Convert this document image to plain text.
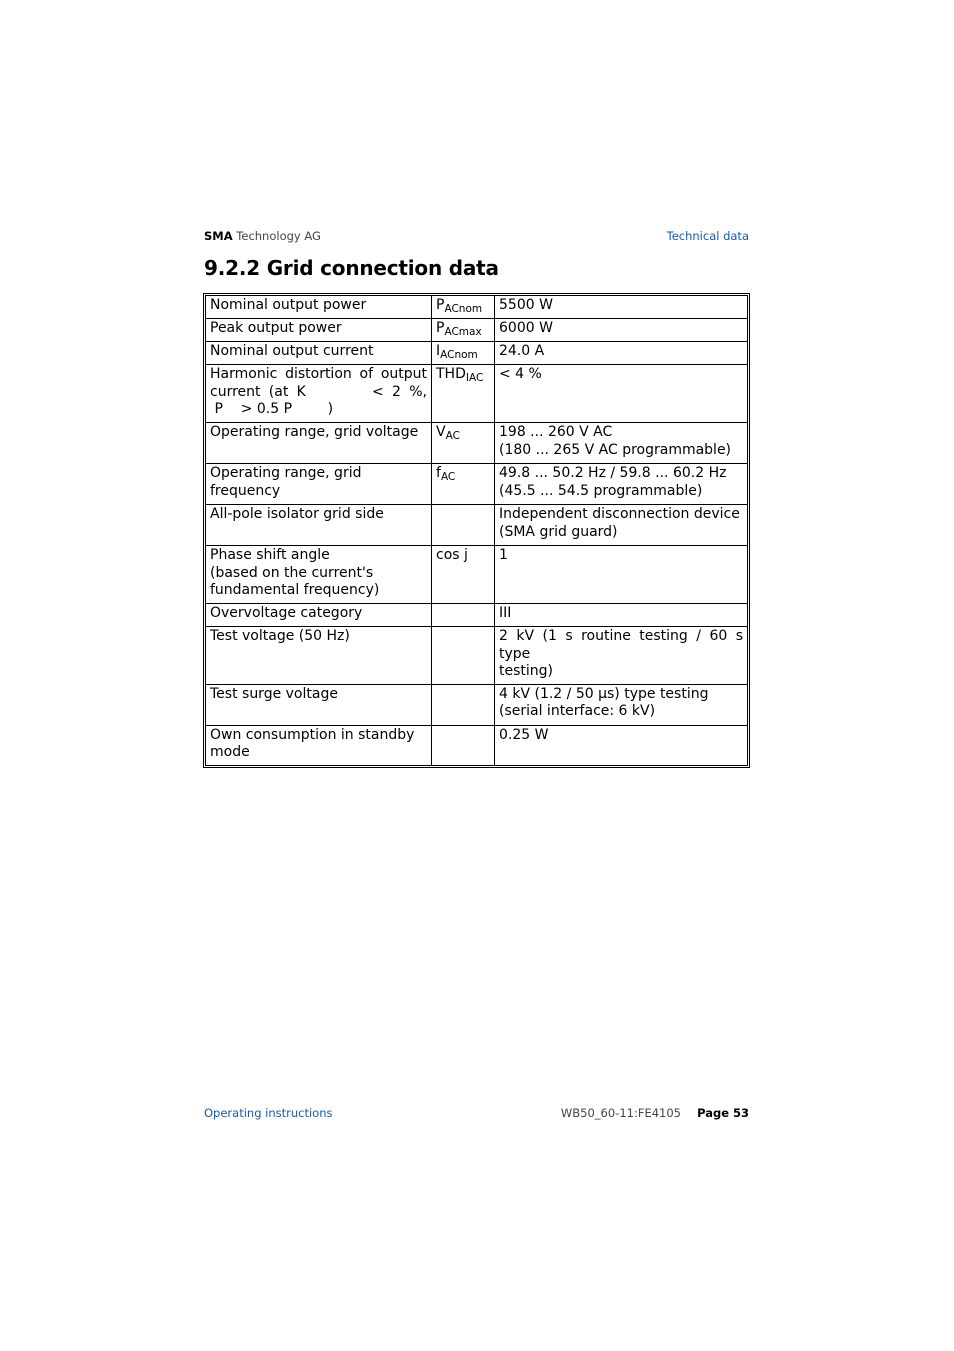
SMA Technology AG	Technical data
9.2.2 Grid connection data
Nominal output power	$P_{ACnom}$	5500 W
Peak output power	$P_{ACmax}$	6000 W
Nominal output current	$I_{ACnom}$	24.0 A

Harmonic distortion of output current (at K < 2 %,
P > 0.5 P )	$THD_{IAC}$	< 4 %
Operating range, grid voltage	$V_{AC}$	198 ... 260 V AC
(180 ... 265 V AC programmable)

Operating range, grid frequency	$f_{AC}$	49.8 ... 50.2 Hz / 59.8 ... 60.2 Hz
(45.5 ... 54.5 programmable)

All-pole isolator grid side		Independent disconnection device
(SMA grid guard)

Phase shift angle
(based on the current's
fundamental frequency)	cos j	1
Overvoltage category		III
Test voltage (50 Hz)		2 kV (1 s routine testing / 60 s type
testing)

Test surge voltage		4 kV (1.2 / 50 µs) type testing
(serial interface: 6 kV)

Own consumption in standby
mode		0.25 W
Operating instructions	WB50_60-11:FE4105 Page 53
